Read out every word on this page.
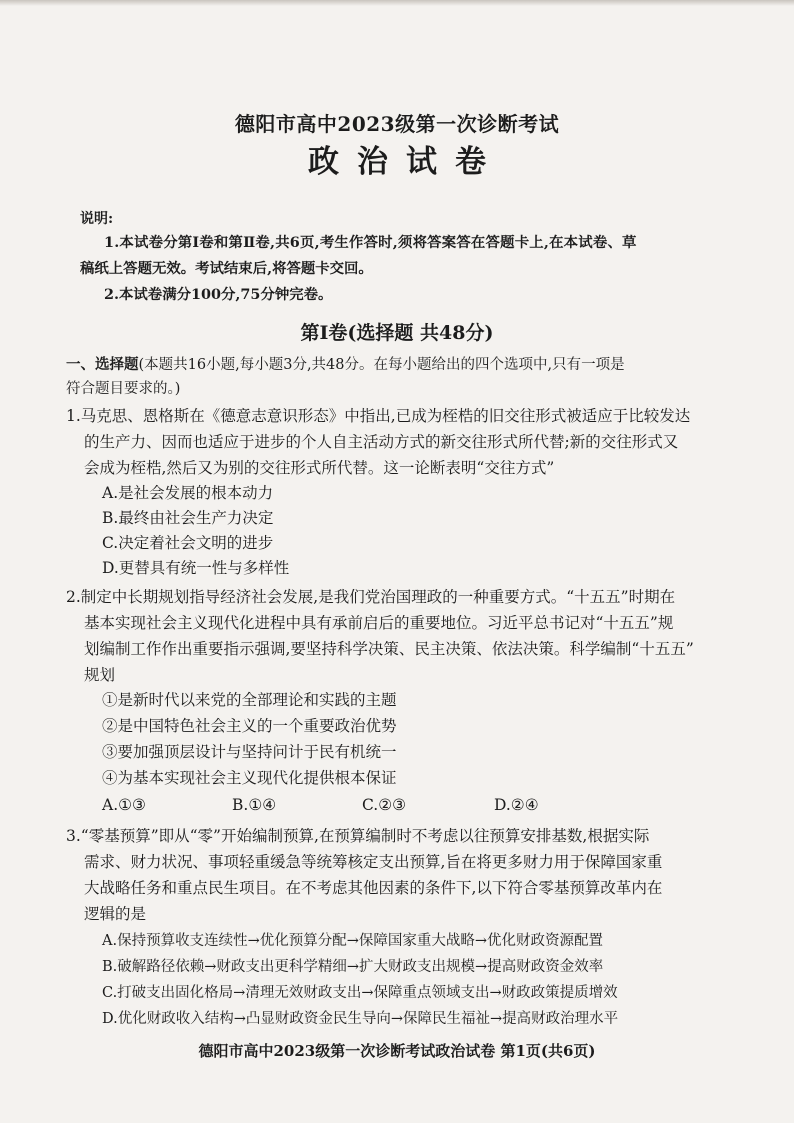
德阳市高中2023级第一次诊断考试
政治试卷
说明:
1.本试卷分第Ⅰ卷和第Ⅱ卷,共6页,考生作答时,须将答案答在答题卡上,在本试卷、草
稿纸上答题无效。考试结束后,将答题卡交回。
2.本试卷满分100分,75分钟完卷。
第Ⅰ卷(选择题 共48分)
一、选择题(本题共16小题,每小题3分,共48分。在每小题给出的四个选项中,只有一项是
符合题目要求的。)
1.马克思、恩格斯在《德意志意识形态》中指出,已成为桎梏的旧交往形式被适应于比较发达
的生产力、因而也适应于进步的个人自主活动方式的新交往形式所代替;新的交往形式又
会成为桎梏,然后又为别的交往形式所代替。这一论断表明“交往方式”
A.是社会发展的根本动力
B.最终由社会生产力决定
C.决定着社会文明的进步
D.更替具有统一性与多样性
2.制定中长期规划指导经济社会发展,是我们党治国理政的一种重要方式。“十五五”时期在
基本实现社会主义现代化进程中具有承前启后的重要地位。习近平总书记对“十五五”规
划编制工作作出重要指示强调,要坚持科学决策、民主决策、依法决策。科学编制“十五五”
规划
①是新时代以来党的全部理论和实践的主题
②是中国特色社会主义的一个重要政治优势
③要加强顶层设计与坚持问计于民有机统一
④为基本实现社会主义现代化提供根本保证
A.①③	B.①④	C.②③	D.②④
3.“零基预算”即从“零”开始编制预算,在预算编制时不考虑以往预算安排基数,根据实际
需求、财力状况、事项轻重缓急等统筹核定支出预算,旨在将更多财力用于保障国家重
大战略任务和重点民生项目。在不考虑其他因素的条件下,以下符合零基预算改革内在
逻辑的是
A.保持预算收支连续性→优化预算分配→保障国家重大战略→优化财政资源配置
B.破解路径依赖→财政支出更科学精细→扩大财政支出规模→提高财政资金效率
C.打破支出固化格局→清理无效财政支出→保障重点领域支出→财政政策提质增效
D.优化财政收入结构→凸显财政资金民生导向→保障民生福祉→提高财政治理水平
德阳市高中2023级第一次诊断考试政治试卷 第1页(共6页)
